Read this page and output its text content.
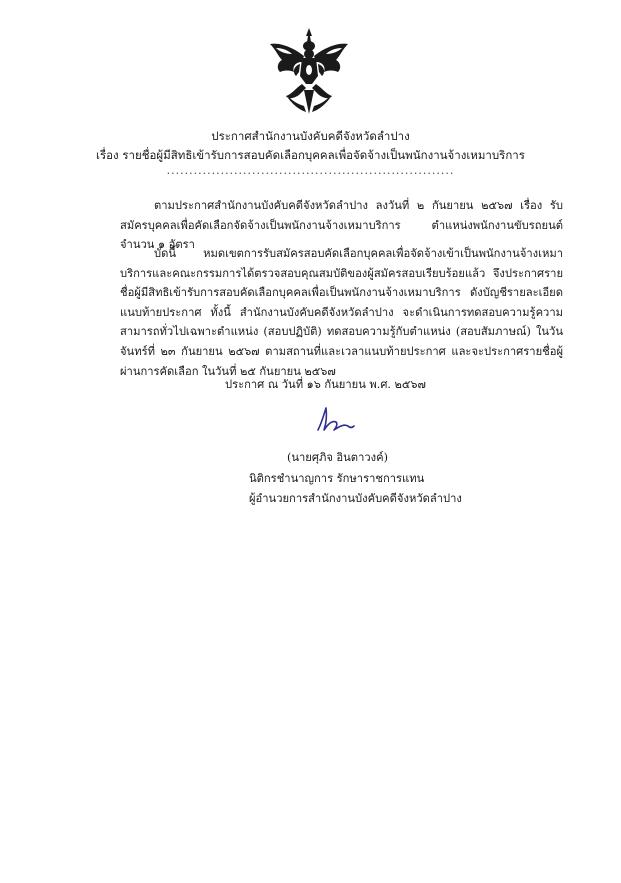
ประกาศสำนักงานบังคับคดีจังหวัดลำปาง
เรื่อง รายชื่อผู้มีสิทธิเข้ารับการสอบคัดเลือกบุคคลเพื่อจัดจ้างเป็นพนักงานจ้างเหมาบริการ
................................................................
ตามประกาศสำนักงานบังคับคดีจังหวัดลำปาง ลงวันที่ ๒ กันยายน ๒๕๖๗ เรื่อง รับสมัครบุคคลเพื่อคัดเลือกจัดจ้างเป็นพนักงานจ้างเหมาบริการ ตำแหน่งพนักงานขับรถยนต์ จำนวน ๑ อัตรา
บัดนี้ หมดเขตการรับสมัครสอบคัดเลือกบุคคลเพื่อจัดจ้างเข้าเป็นพนักงานจ้างเหมาบริการและคณะกรรมการได้ตรวจสอบคุณสมบัติของผู้สมัครสอบเรียบร้อยแล้ว จึงประกาศรายชื่อผู้มีสิทธิเข้ารับการสอบคัดเลือกบุคคลเพื่อเป็นพนักงานจ้างเหมาบริการ ดังบัญชีรายละเอียดแนบท้ายประกาศ ทั้งนี้ สำนักงานบังคับคดีจังหวัดลำปาง จะดำเนินการทดสอบความรู้ความสามารถทั่วไปเฉพาะตำแหน่ง (สอบปฏิบัติ) ทดสอบความรู้กับตำแหน่ง (สอบสัมภาษณ์) ในวันจันทร์ที่ ๒๓ กันยายน ๒๕๖๗ ตามสถานที่และเวลาแนบท้ายประกาศ และจะประกาศรายชื่อผู้ผ่านการคัดเลือก ในวันที่ ๒๕ กันยายน ๒๕๖๗
ประกาศ ณ วันที่ ๑๖ กันยายน พ.ศ. ๒๕๖๗
(นายศุภิจ อินตาวงค์)
นิติกรชำนาญการ รักษาราชการแทน
ผู้อำนวยการสำนักงานบังคับคดีจังหวัดลำปาง
